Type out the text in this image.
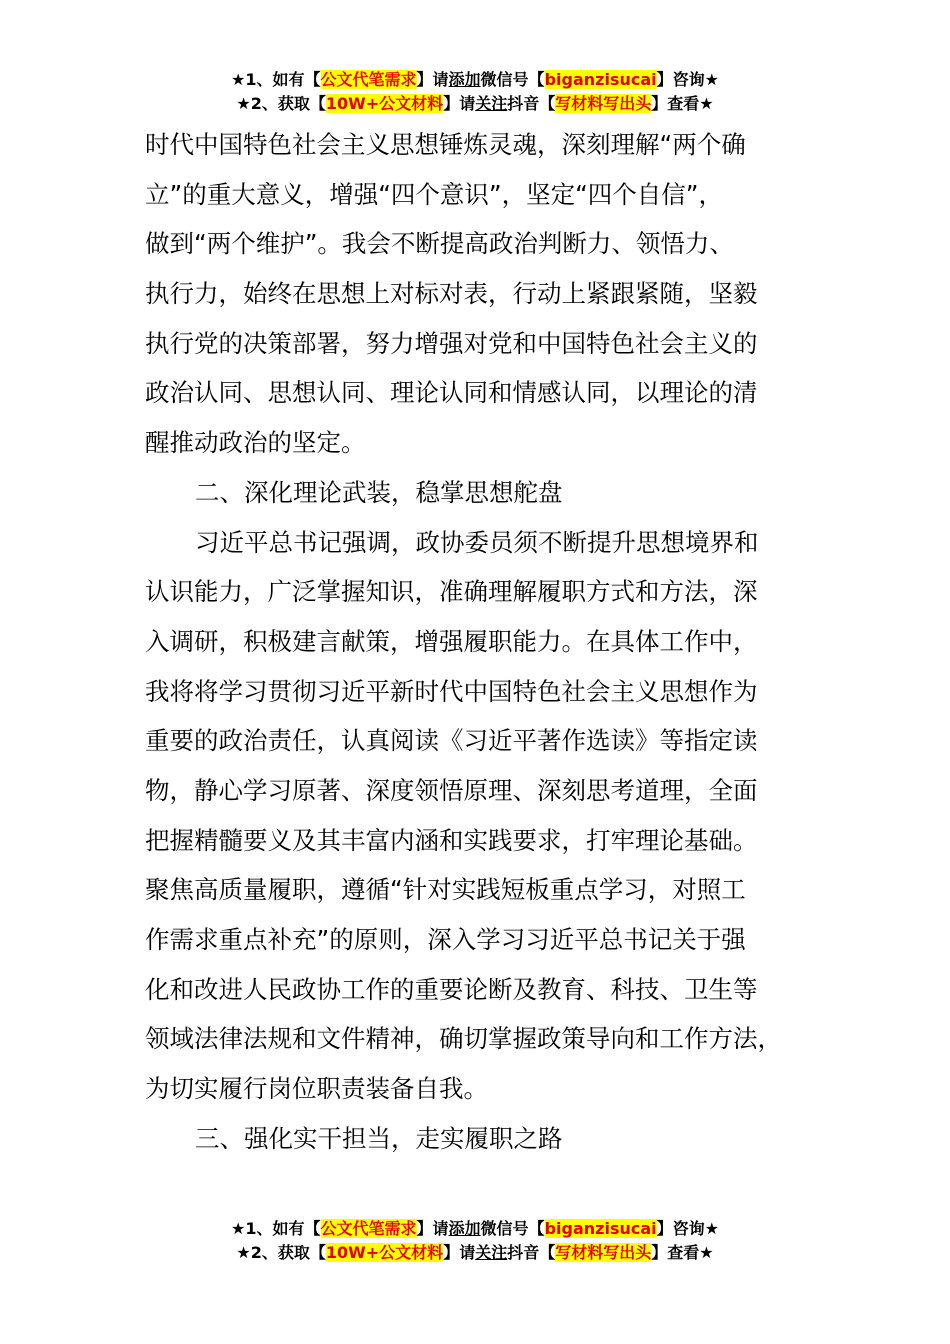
★1、如有【公文代笔需求】请添加微信号【biganzisucai】咨询★
★2、获取【10W+公文材料】请关注抖音【写材料写出头】查看★
时代中国特色社会主义思想锤炼灵魂，深刻理解“两个确
立”的重大意义，增强“四个意识”，坚定“四个自信”，
做到“两个维护”。我会不断提高政治判断力、领悟力、
执行力，始终在思想上对标对表，行动上紧跟紧随，坚毅
执行党的决策部署，努力增强对党和中国特色社会主义的
政治认同、思想认同、理论认同和情感认同，以理论的清
醒推动政治的坚定。
二、深化理论武装，稳掌思想舵盘
习近平总书记强调，政协委员须不断提升思想境界和
认识能力，广泛掌握知识，准确理解履职方式和方法，深
入调研，积极建言献策，增强履职能力。在具体工作中，
我将将学习贯彻习近平新时代中国特色社会主义思想作为
重要的政治责任，认真阅读《习近平著作选读》等指定读
物，静心学习原著、深度领悟原理、深刻思考道理，全面
把握精髓要义及其丰富内涵和实践要求，打牢理论基础。
聚焦高质量履职，遵循“针对实践短板重点学习，对照工
作需求重点补充”的原则，深入学习习近平总书记关于强
化和改进人民政协工作的重要论断及教育、科技、卫生等
领域法律法规和文件精神，确切掌握政策导向和工作方法，
为切实履行岗位职责装备自我。
三、强化实干担当，走实履职之路
★1、如有【公文代笔需求】请添加微信号【biganzisucai】咨询★
★2、获取【10W+公文材料】请关注抖音【写材料写出头】查看★
